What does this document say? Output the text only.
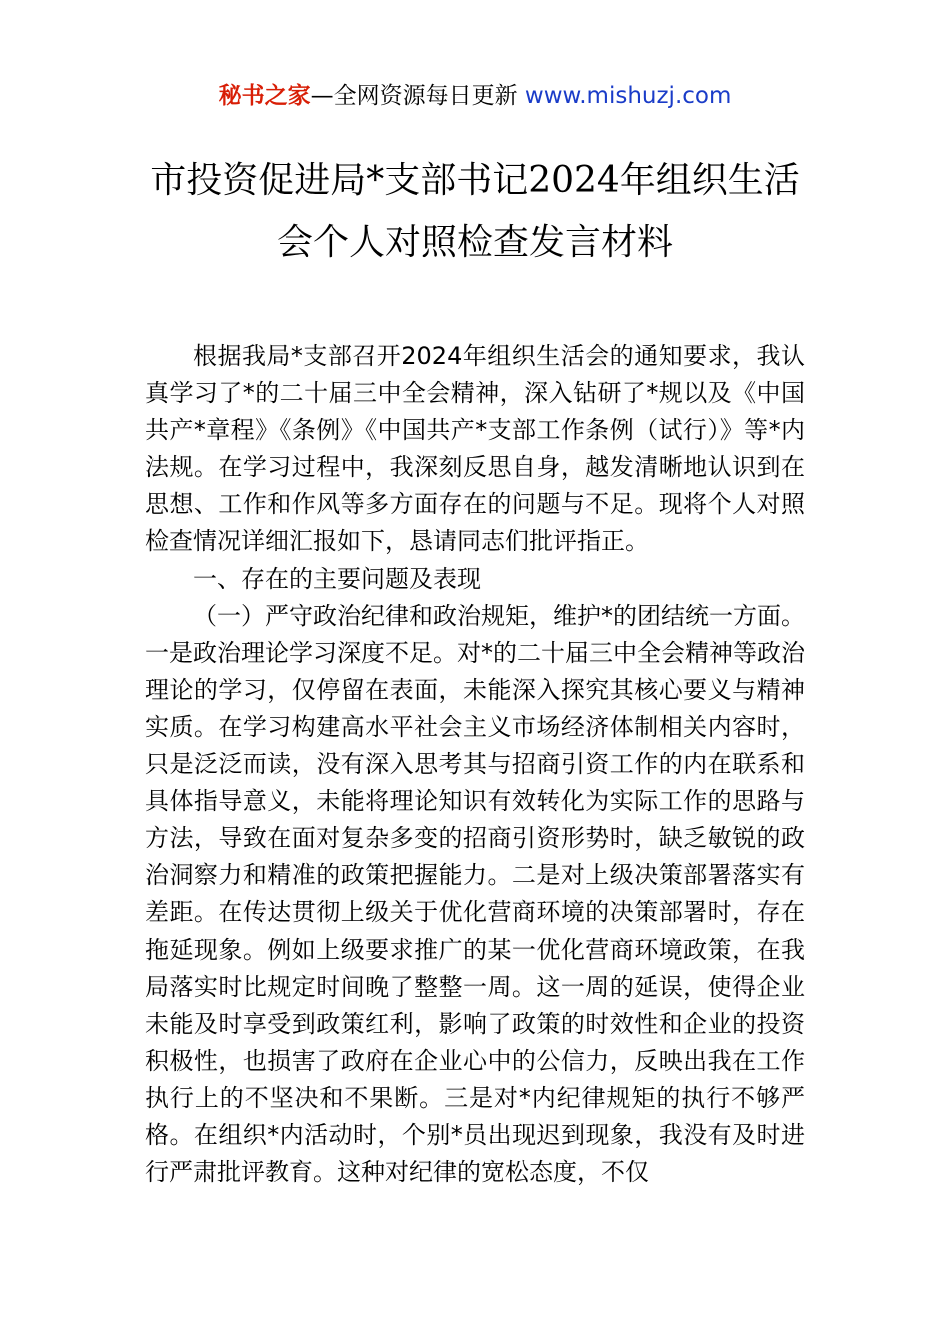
秘书之家—全网资源每日更新 www.mishuzj.com
市投资促进局*支部书记2024年组织生活
会个人对照检查发言材料

根据我局*支部召开2024年组织生活会的通知要求，我认真学习了*的二十届三中全会精神，深入钻研了*规以及《中国共产*章程》《条例》《中国共产*支部工作条例（试行）》等*内法规。在学习过程中，我深刻反思自身，越发清晰地认识到在思想、工作和作风等多方面存在的问题与不足。现将个人对照检查情况详细汇报如下，恳请同志们批评指正。

一、存在的主要问题及表现

（一）严守政治纪律和政治规矩，维护*的团结统一方面。一是政治理论学习深度不足。对*的二十届三中全会精神等政治理论的学习，仅停留在表面，未能深入探究其核心要义与精神实质。在学习构建高水平社会主义市场经济体制相关内容时，只是泛泛而读，没有深入思考其与招商引资工作的内在联系和具体指导意义，未能将理论知识有效转化为实际工作的思路与方法，导致在面对复杂多变的招商引资形势时，缺乏敏锐的政治洞察力和精准的政策把握能力。二是对上级决策部署落实有差距。在传达贯彻上级关于优化营商环境的决策部署时，存在拖延现象。例如上级要求推广的某一优化营商环境政策，在我局落实时比规定时间晚了整整一周。这一周的延误，使得企业未能及时享受到政策红利，影响了政策的时效性和企业的投资积极性，也损害了政府在企业心中的公信力，反映出我在工作执行上的不坚决和不果断。三是对*内纪律规矩的执行不够严格。在组织*内活动时，个别*员出现迟到现象，我没有及时进行严肃批评教育。这种对纪律的宽松态度，不仅
